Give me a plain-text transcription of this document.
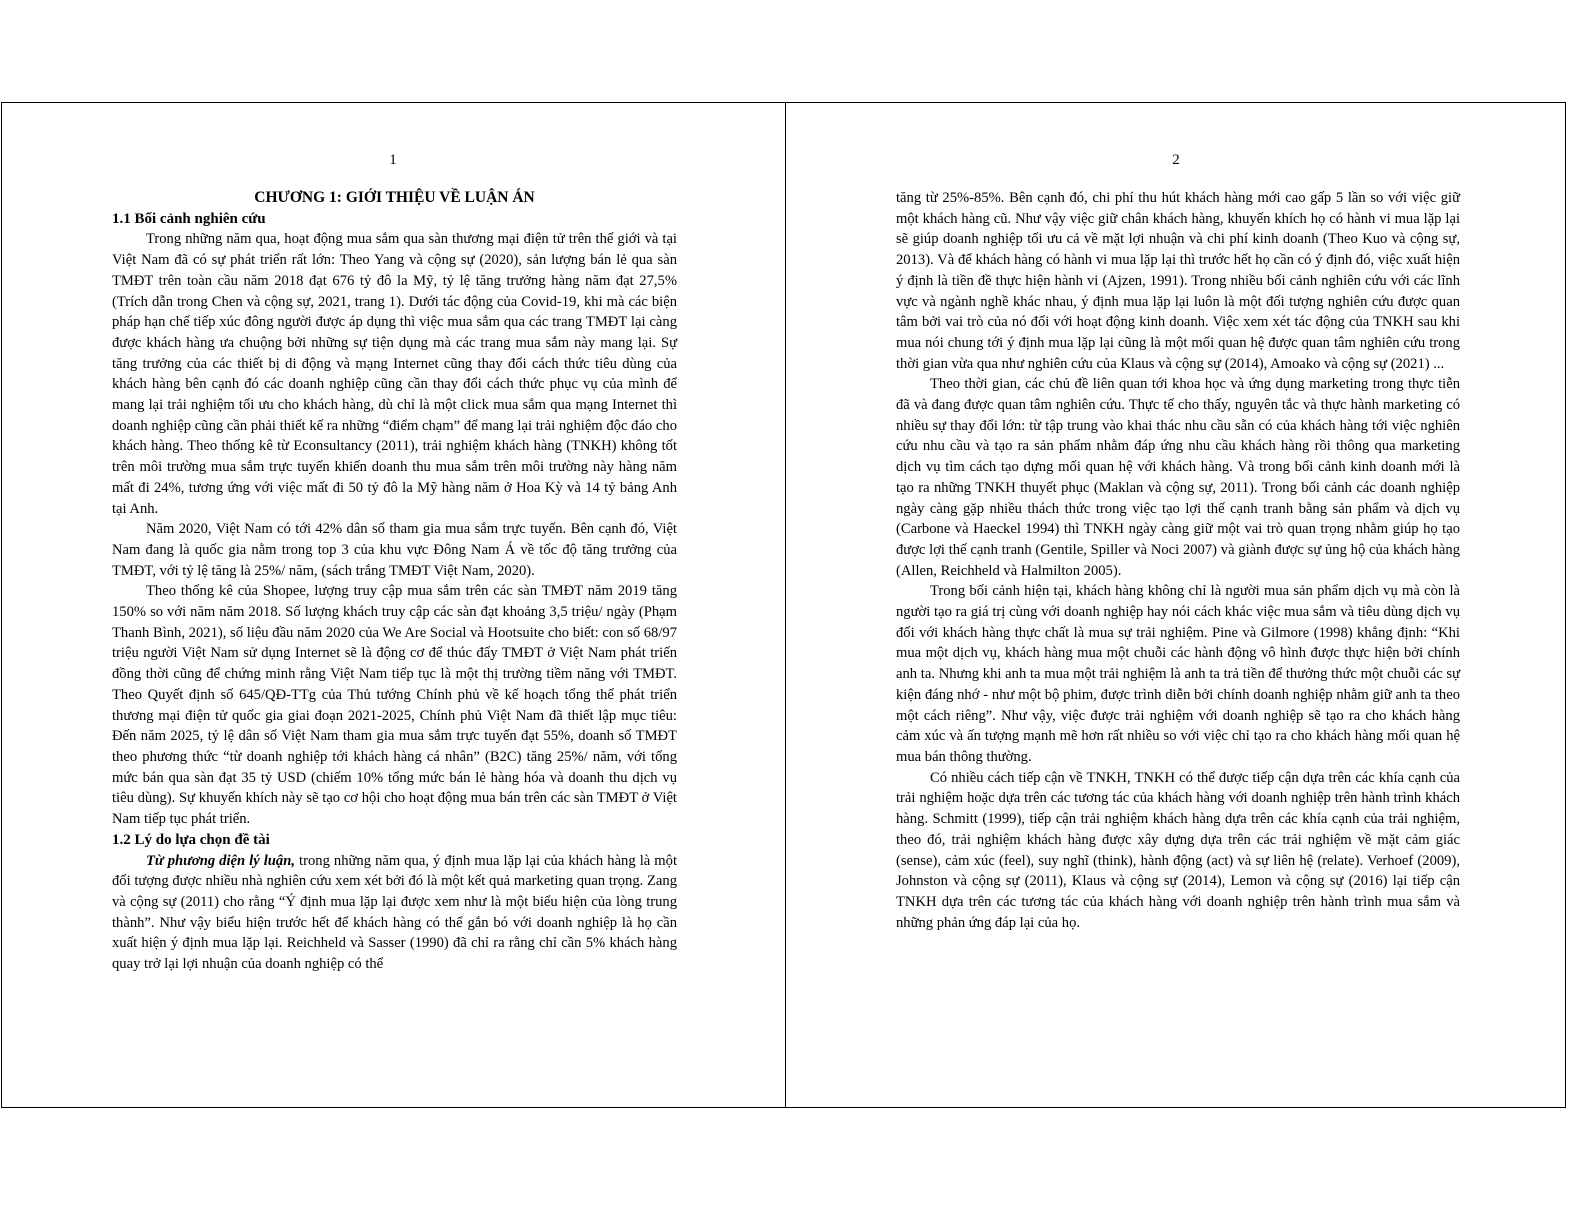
1

CHƯƠNG 1: GIỚI THIỆU VỀ LUẬN ÁN

1.1 Bối cảnh nghiên cứu

Trong những năm qua, hoạt động mua sắm qua sàn thương mại điện tử trên thế giới và tại Việt Nam đã có sự phát triển rất lớn: Theo Yang và cộng sự (2020), sản lượng bán lẻ qua sàn TMĐT trên toàn cầu năm 2018 đạt 676 tỷ đô la Mỹ, tỷ lệ tăng trưởng hàng năm đạt 27,5% (Trích dẫn trong Chen và cộng sự, 2021, trang 1). Dưới tác động của Covid-19, khi mà các biện pháp hạn chế tiếp xúc đông người được áp dụng thì việc mua sắm qua các trang TMĐT lại càng được khách hàng ưa chuộng bởi những sự tiện dụng mà các trang mua sắm này mang lại. Sự tăng trưởng của các thiết bị di động và mạng Internet cũng thay đổi cách thức tiêu dùng của khách hàng bên cạnh đó các doanh nghiệp cũng cần thay đổi cách thức phục vụ của mình để mang lại trải nghiệm tối ưu cho khách hàng, dù chỉ là một click mua sắm qua mạng Internet thì doanh nghiệp cũng cần phải thiết kế ra những “điểm chạm” để mang lại trải nghiệm độc đáo cho khách hàng. Theo thống kê từ Econsultancy (2011), trải nghiệm khách hàng (TNKH) không tốt trên môi trường mua sắm trực tuyến khiến doanh thu mua sắm trên môi trường này hàng năm mất đi 24%, tương ứng với việc mất đi 50 tỷ đô la Mỹ hàng năm ở Hoa Kỳ và 14 tỷ bảng Anh tại Anh.

Năm 2020, Việt Nam có tới 42% dân số tham gia mua sắm trực tuyến. Bên cạnh đó, Việt Nam đang là quốc gia nằm trong top 3 của khu vực Đông Nam Á về tốc độ tăng trưởng của TMĐT, với tỷ lệ tăng là 25%/ năm, (sách trắng TMĐT Việt Nam, 2020).

Theo thống kê của Shopee, lượng truy cập mua sắm trên các sàn TMĐT năm 2019 tăng 150% so với năm năm 2018. Số lượng khách truy cập các sàn đạt khoảng 3,5 triệu/ ngày (Phạm Thanh Bình, 2021), số liệu đầu năm 2020 của We Are Social và Hootsuite cho biết: con số 68/97 triệu người Việt Nam sử dụng Internet sẽ là động cơ để thúc đẩy TMĐT ở Việt Nam phát triển đồng thời cũng để chứng minh rằng Việt Nam tiếp tục là một thị trường tiềm năng với TMĐT. Theo Quyết định số 645/QĐ-TTg của Thủ tướng Chính phủ về kế hoạch tổng thể phát triển thương mại điện tử quốc gia giai đoạn 2021-2025, Chính phủ Việt Nam đã thiết lập mục tiêu: Đến năm 2025, tỷ lệ dân số Việt Nam tham gia mua sắm trực tuyến đạt 55%, doanh số TMĐT theo phương thức “từ doanh nghiệp tới khách hàng cá nhân” (B2C) tăng 25%/ năm, với tổng mức bán qua sàn đạt 35 tỷ USD (chiếm 10% tổng mức bán lẻ hàng hóa và doanh thu dịch vụ tiêu dùng). Sự khuyến khích này sẽ tạo cơ hội cho hoạt động mua bán trên các sàn TMĐT ở Việt Nam tiếp tục phát triển.

1.2 Lý do lựa chọn đề tài

Từ phương diện lý luận, trong những năm qua, ý định mua lặp lại của khách hàng là một đối tượng được nhiều nhà nghiên cứu xem xét bởi đó là một kết quả marketing quan trọng. Zang và cộng sự (2011) cho rằng “Ý định mua lặp lại được xem như là một biểu hiện của lòng trung thành”. Như vậy biểu hiện trước hết để khách hàng có thể gắn bó với doanh nghiệp là họ cần xuất hiện ý định mua lặp lại. Reichheld và Sasser (1990) đã chỉ ra rằng chỉ cần 5% khách hàng quay trở lại lợi nhuận của doanh nghiệp có thể

2

tăng từ 25%-85%. Bên cạnh đó, chi phí thu hút khách hàng mới cao gấp 5 lần so với việc giữ một khách hàng cũ. Như vậy việc giữ chân khách hàng, khuyến khích họ có hành vi mua lặp lại sẽ giúp doanh nghiệp tối ưu cả về mặt lợi nhuận và chi phí kinh doanh (Theo Kuo và cộng sự, 2013). Và để khách hàng có hành vi mua lặp lại thì trước hết họ cần có ý định đó, việc xuất hiện ý định là tiền đề thực hiện hành vi (Ajzen, 1991). Trong nhiều bối cảnh nghiên cứu với các lĩnh vực và ngành nghề khác nhau, ý định mua lặp lại luôn là một đối tượng nghiên cứu được quan tâm bởi vai trò của nó đối với hoạt động kinh doanh. Việc xem xét tác động của TNKH sau khi mua nói chung tới ý định mua lặp lại cũng là một mối quan hệ được quan tâm nghiên cứu trong thời gian vừa qua như nghiên cứu của Klaus và cộng sự (2014), Amoako và cộng sự (2021) ...

Theo thời gian, các chủ đề liên quan tới khoa học và ứng dụng marketing trong thực tiễn đã và đang được quan tâm nghiên cứu. Thực tế cho thấy, nguyên tắc và thực hành marketing có nhiều sự thay đổi lớn: từ tập trung vào khai thác nhu cầu sẵn có của khách hàng tới việc nghiên cứu nhu cầu và tạo ra sản phẩm nhằm đáp ứng nhu cầu khách hàng rồi thông qua marketing dịch vụ tìm cách tạo dựng mối quan hệ với khách hàng. Và trong bối cảnh kinh doanh mới là tạo ra những TNKH thuyết phục (Maklan và cộng sự, 2011). Trong bối cảnh các doanh nghiệp ngày càng gặp nhiều thách thức trong việc tạo lợi thế cạnh tranh bằng sản phẩm và dịch vụ (Carbone và Haeckel 1994) thì TNKH ngày càng giữ một vai trò quan trọng nhằm giúp họ tạo được lợi thế cạnh tranh (Gentile, Spiller và Noci 2007) và giành được sự ủng hộ của khách hàng (Allen, Reichheld và Halmilton 2005).

Trong bối cảnh hiện tại, khách hàng không chỉ là người mua sản phẩm dịch vụ mà còn là người tạo ra giá trị cùng với doanh nghiệp hay nói cách khác việc mua sắm và tiêu dùng dịch vụ đối với khách hàng thực chất là mua sự trải nghiệm. Pine và Gilmore (1998) khẳng định: “Khi mua một dịch vụ, khách hàng mua một chuỗi các hành động vô hình được thực hiện bởi chính anh ta. Nhưng khi anh ta mua một trải nghiệm là anh ta trả tiền để thưởng thức một chuỗi các sự kiện đáng nhớ - như một bộ phim, được trình diễn bởi chính doanh nghiệp nhằm giữ anh ta theo một cách riêng”. Như vậy, việc được trải nghiệm với doanh nghiệp sẽ tạo ra cho khách hàng cảm xúc và ấn tượng mạnh mẽ hơn rất nhiều so với việc chỉ tạo ra cho khách hàng mối quan hệ mua bán thông thường.

Có nhiều cách tiếp cận về TNKH, TNKH có thể được tiếp cận dựa trên các khía cạnh của trải nghiệm hoặc dựa trên các tương tác của khách hàng với doanh nghiệp trên hành trình khách hàng. Schmitt (1999), tiếp cận trải nghiệm khách hàng dựa trên các khía cạnh của trải nghiệm, theo đó, trải nghiệm khách hàng được xây dựng dựa trên các trải nghiệm về mặt cảm giác (sense), cảm xúc (feel), suy nghĩ (think), hành động (act) và sự liên hệ (relate). Verhoef (2009), Johnston và cộng sự (2011), Klaus và cộng sự (2014), Lemon và cộng sự (2016) lại tiếp cận TNKH dựa trên các tương tác của khách hàng với doanh nghiệp trên hành trình mua sắm và những phản ứng đáp lại của họ.
